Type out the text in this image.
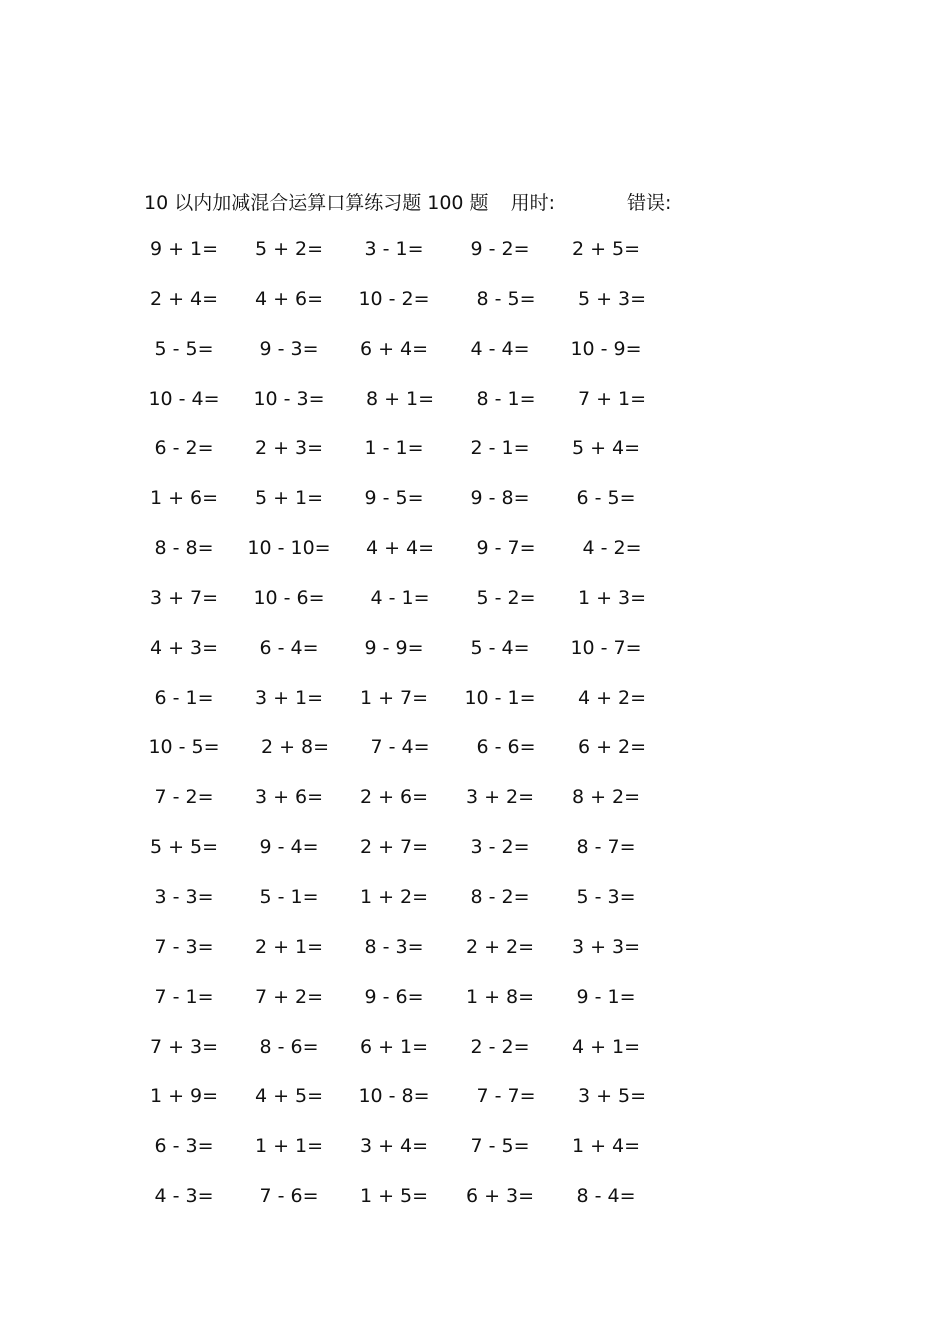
10 以内加减混合运算口算练习题 100 题 用时:	错误:
9 + 1=	5 + 2=	3 - 1=	9 - 2=	2 + 5=
2 + 4=	4 + 6=	10 - 2=	8 - 5=	5 + 3=
5 - 5=	9 - 3=	6 + 4=	4 - 4=	10 - 9=
10 - 4=	10 - 3=	8 + 1=	8 - 1=	7 + 1=
6 - 2=	2 + 3=	1 - 1=	2 - 1=	5 + 4=
1 + 6=	5 + 1=	9 - 5=	9 - 8=	6 - 5=
8 - 8=	10 - 10=	4 + 4=	9 - 7=	4 - 2=
3 + 7=	10 - 6=	4 - 1=	5 - 2=	1 + 3=
4 + 3=	6 - 4=	9 - 9=	5 - 4=	10 - 7=
6 - 1=	3 + 1=	1 + 7=	10 - 1=	4 + 2=
10 - 5=	2 + 8=	7 - 4=	6 - 6=	6 + 2=
7 - 2=	3 + 6=	2 + 6=	3 + 2=	8 + 2=
5 + 5=	9 - 4=	2 + 7=	3 - 2=	8 - 7=
3 - 3=	5 - 1=	1 + 2=	8 - 2=	5 - 3=
7 - 3=	2 + 1=	8 - 3=	2 + 2=	3 + 3=
7 - 1=	7 + 2=	9 - 6=	1 + 8=	9 - 1=
7 + 3=	8 - 6=	6 + 1=	2 - 2=	4 + 1=
1 + 9=	4 + 5=	10 - 8=	7 - 7=	3 + 5=
6 - 3=	1 + 1=	3 + 4=	7 - 5=	1 + 4=
4 - 3=	7 - 6=	1 + 5=	6 + 3=	8 - 4=
